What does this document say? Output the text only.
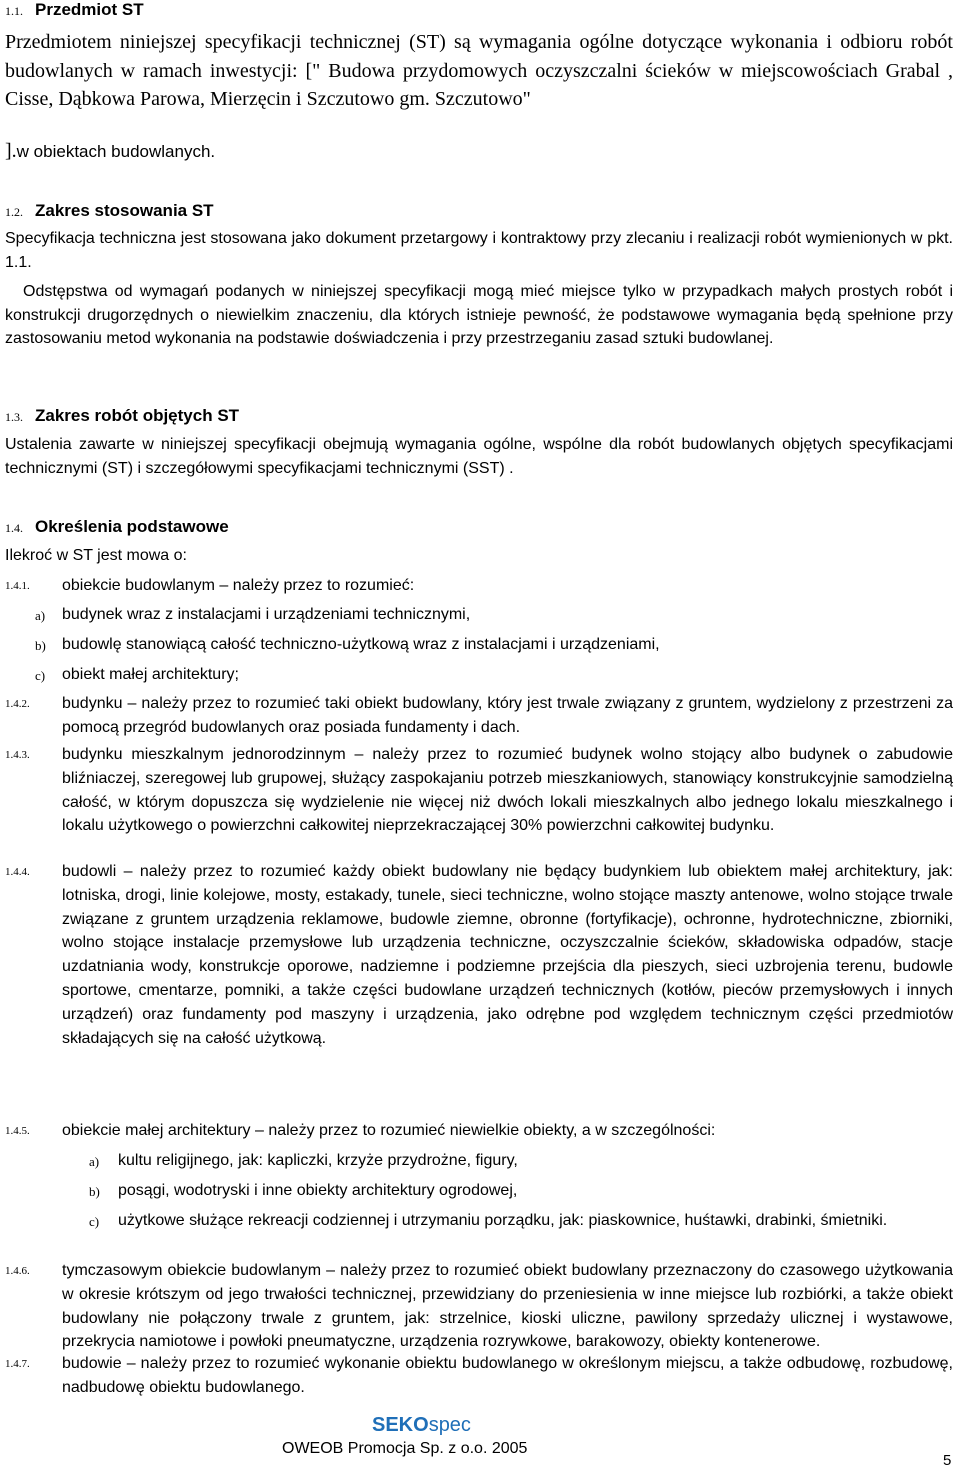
1.1. Przedmiot ST

Przedmiotem niniejszej specyfikacji technicznej (ST) są wymagania ogólne dotyczące wykonania i odbioru robót budowlanych w ramach inwestycji: [" Budowa przydomowych oczyszczalni ścieków w miejscowościach Grabal , Cisse, Dąbkowa Parowa, Mierzęcin i Szczutowo gm. Szczutowo"

].w obiektach budowlanych.
1.2. Zakres stosowania ST

Specyfikacja techniczna jest stosowana jako dokument przetargowy i kontraktowy przy zlecaniu i realizacji robót wymienionych w pkt. 1.1.

Odstępstwa od wymagań podanych w niniejszej specyfikacji mogą mieć miejsce tylko w przypadkach małych prostych robót i konstrukcji drugorzędnych o niewielkim znaczeniu, dla których istnieje pewność, że podstawowe wymagania będą spełnione przy zastosowaniu metod wykonania na podstawie doświadczenia i przy przestrzeganiu zasad sztuki budowlanej.

1.3. Zakres robót objętych ST

Ustalenia zawarte w niniejszej specyfikacji obejmują wymagania ogólne, wspólne dla robót budowlanych objętych specyfikacjami technicznymi (ST) i szczegółowymi specyfikacjami technicznymi (SST) .

1.4. Określenia podstawowe

Ilekroć w ST jest mowa o:

1.4.1. obiekcie budowlanym – należy przez to rozumieć:

a) budynek wraz z instalacjami i urządzeniami technicznymi,

b) budowlę stanowiącą całość techniczno-użytkową wraz z instalacjami i urządzeniami,

c) obiekt małej architektury;

1.4.2. budynku – należy przez to rozumieć taki obiekt budowlany, który jest trwale związany z gruntem, wydzielony z przestrzeni za pomocą przegród budowlanych oraz posiada fundamenty i dach.

1.4.3. budynku mieszkalnym jednorodzinnym – należy przez to rozumieć budynek wolno stojący albo budynek o zabudowie bliźniaczej, szeregowej lub grupowej, służący zaspokajaniu potrzeb mieszkaniowych, stanowiący konstrukcyjnie samodzielną całość, w którym dopuszcza się wydzielenie nie więcej niż dwóch lokali mieszkalnych albo jednego lokalu mieszkalnego i lokalu użytkowego o powierzchni całkowitej nieprzekraczającej 30% powierzchni całkowitej budynku.

1.4.4. budowli – należy przez to rozumieć każdy obiekt budowlany nie będący budynkiem lub obiektem małej architektury, jak: lotniska, drogi, linie kolejowe, mosty, estakady, tunele, sieci techniczne, wolno stojące maszty antenowe, wolno stojące trwale związane z gruntem urządzenia reklamowe, budowle ziemne, obronne (fortyfikacje), ochronne, hydrotechniczne, zbiorniki, wolno stojące instalacje przemysłowe lub urządzenia techniczne, oczyszczalnie ścieków, składowiska odpadów, stacje uzdatniania wody, konstrukcje oporowe, nadziemne i podziemne przejścia dla pieszych, sieci uzbrojenia terenu, budowle sportowe, cmentarze, pomniki, a także części budowlane urządzeń technicznych (kotłów, pieców przemysłowych i innych urządzeń) oraz fundamenty pod maszyny i urządzenia, jako odrębne pod względem technicznym części przedmiotów składających się na całość użytkową.

1.4.5. obiekcie małej architektury – należy przez to rozumieć niewielkie obiekty, a w szczególności:

a) kultu religijnego, jak: kapliczki, krzyże przydrożne, figury,

b) posągi, wodotryski i inne obiekty architektury ogrodowej,

c) użytkowe służące rekreacji codziennej i utrzymaniu porządku, jak: piaskownice, huśtawki, drabinki, śmietniki.

1.4.6. tymczasowym obiekcie budowlanym – należy przez to rozumieć obiekt budowlany przeznaczony do czasowego użytkowania w okresie krótszym od jego trwałości technicznej, przewidziany do przeniesienia w inne miejsce lub rozbiórki, a także obiekt budowlany nie połączony trwale z gruntem, jak: strzelnice, kioski uliczne, pawilony sprzedaży ulicznej i wystawowe, przekrycia namiotowe i powłoki pneumatyczne, urządzenia rozrywkowe, barakowozy, obiekty kontenerowe.

1.4.7. budowie – należy przez to rozumieć wykonanie obiektu budowlanego w określonym miejscu, a także odbudowę, rozbudowę, nadbudowę obiektu budowlanego.

SEKOspec
OWEOB Promocja Sp. z o.o. 2005
5
